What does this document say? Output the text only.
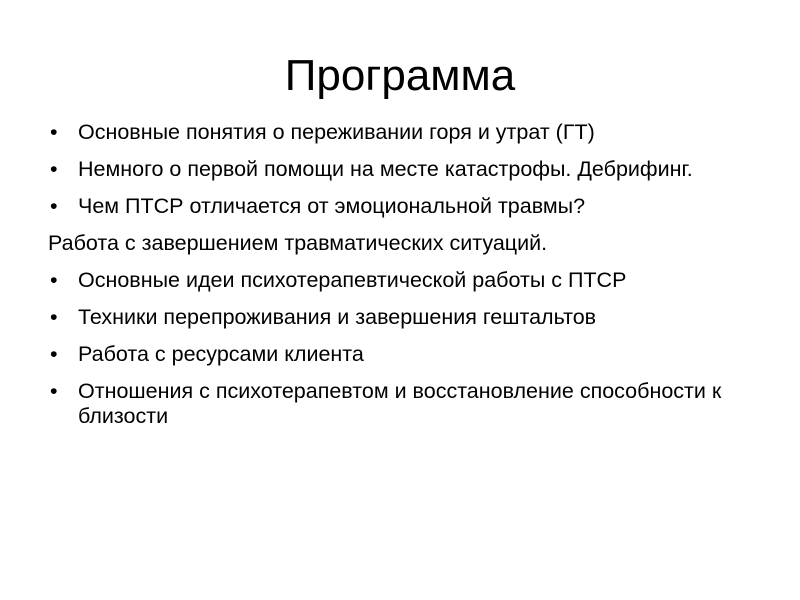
Программа
• Основные понятия о переживании горя и утрат (ГТ)
• Немного о первой помощи на месте катастрофы. Дебрифинг.
• Чем ПТСР отличается от эмоциональной травмы?
Работа с завершением травматических ситуаций.
• Основные идеи психотерапевтической работы с ПТСР
• Техники перепроживания и завершения гештальтов
• Работа с ресурсами клиента
• Отношения с психотерапевтом и восстановление способности к близости
